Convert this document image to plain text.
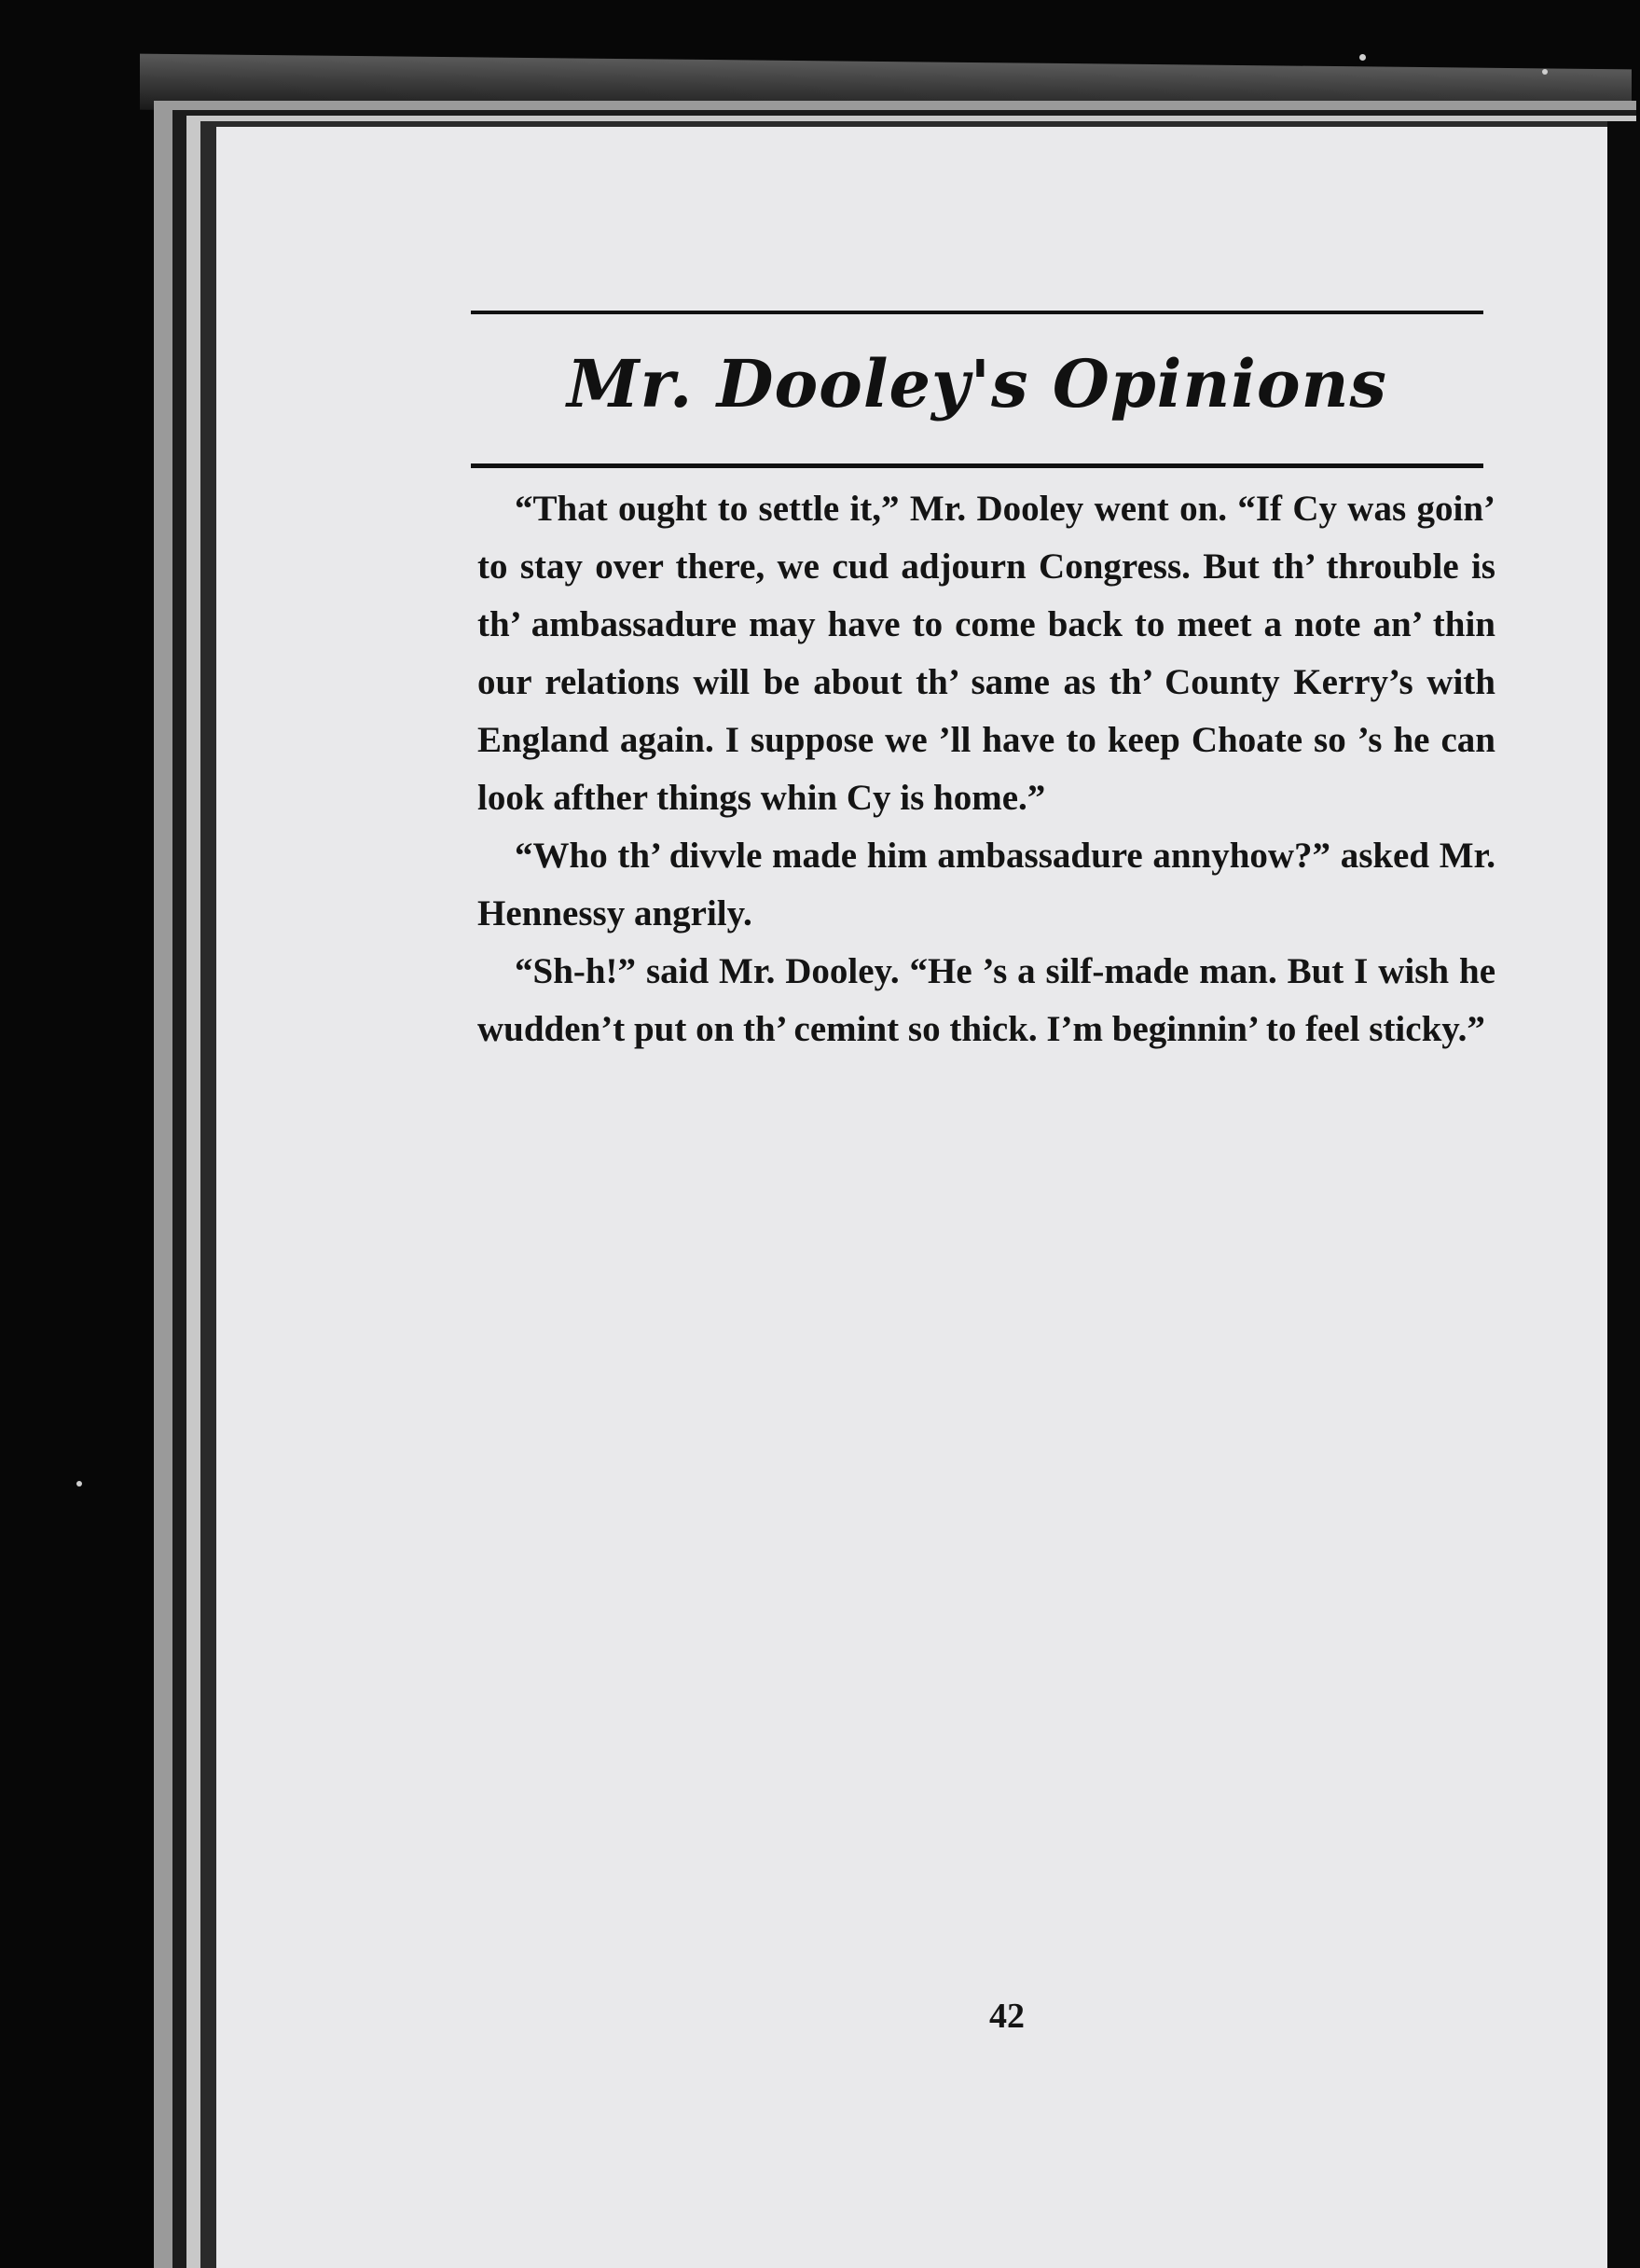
Mr. Dooley's Opinions

“That ought to settle it,” Mr. Dooley went on. “If Cy was goin’ to stay over there, we cud adjourn Congress. But th’ throuble is th’ ambassadure may have to come back to meet a note an’ thin our relations will be about th’ same as th’ County Kerry’s with England again. I suppose we ’ll have to keep Choate so ’s he can look afther things whin Cy is home.”

“Who th’ divvle made him ambassadure annyhow?” asked Mr. Hennessy angrily.

“Sh-h!” said Mr. Dooley. “He ’s a silf-made man. But I wish he wudden’t put on th’ cemint so thick. I’m beginnin’ to feel sticky.”

42
